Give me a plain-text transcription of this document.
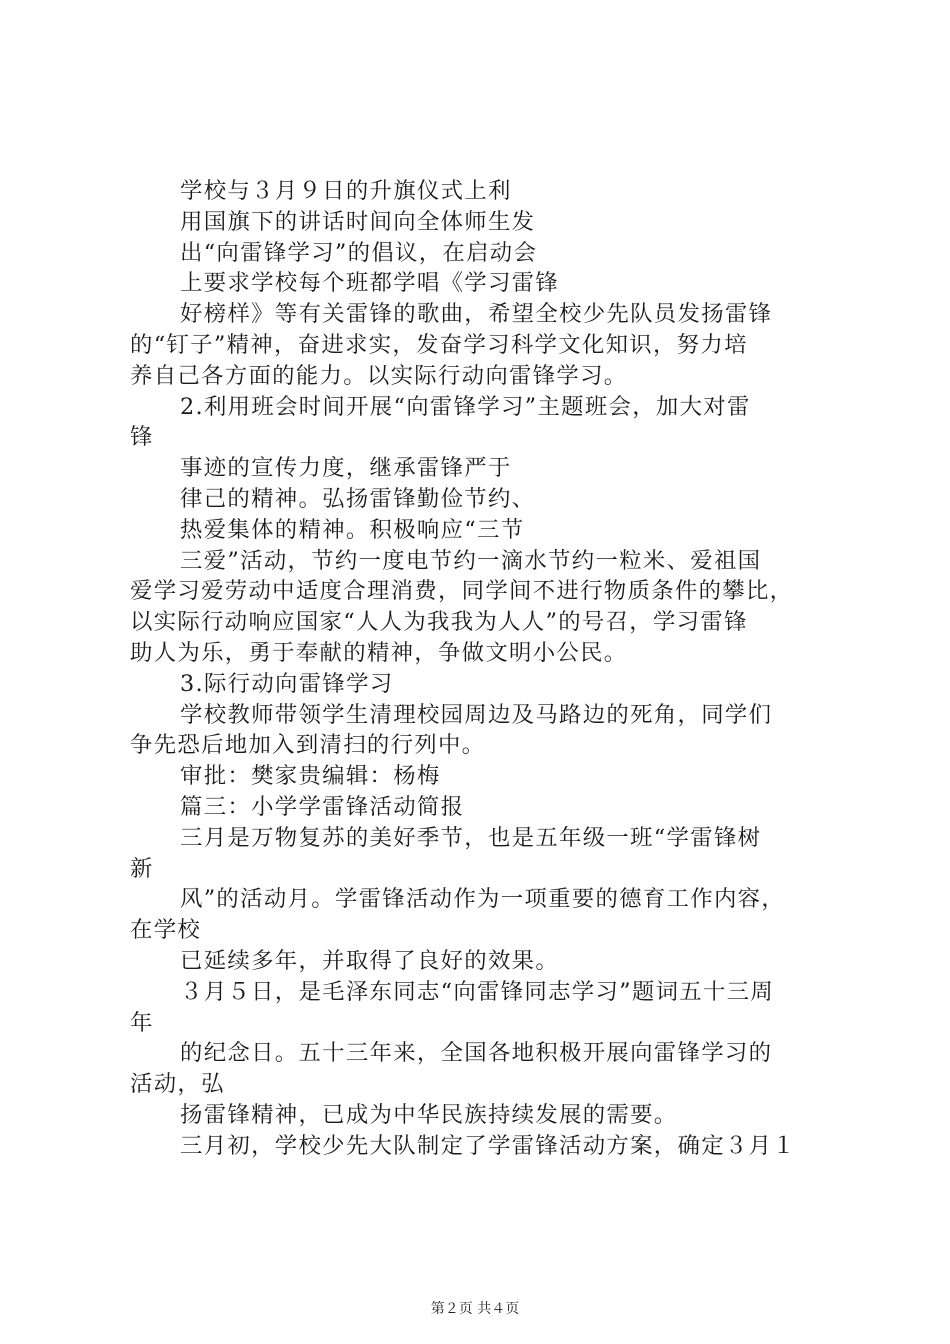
学校与３月９日的升旗仪式上利
用国旗下的讲话时间向全体师生发
出“向雷锋学习”的倡议，在启动会
上要求学校每个班都学唱《学习雷锋
好榜样》等有关雷锋的歌曲，希望全校少先队员发扬雷锋
的“钉子”精神，奋进求实，发奋学习科学文化知识，努力培
养自己各方面的能力。以实际行动向雷锋学习。
2.利用班会时间开展“向雷锋学习”主题班会，加大对雷
锋
事迹的宣传力度，继承雷锋严于
律己的精神。弘扬雷锋勤俭节约、
热爱集体的精神。积极响应“三节
三爱”活动，节约一度电节约一滴水节约一粒米、爱祖国
爱学习爱劳动中适度合理消费，同学间不进行物质条件的攀比，
以实际行动响应国家“人人为我我为人人”的号召，学习雷锋
助人为乐，勇于奉献的精神，争做文明小公民。
3.际行动向雷锋学习
学校教师带领学生清理校园周边及马路边的死角，同学们
争先恐后地加入到清扫的行列中。
审批：樊家贵编辑：杨梅
篇三：小学学雷锋活动简报
三月是万物复苏的美好季节，也是五年级一班“学雷锋树
新
风”的活动月。学雷锋活动作为一项重要的德育工作内容，
在学校
已延续多年，并取得了良好的效果。
３月５日，是毛泽东同志“向雷锋同志学习”题词五十三周
年
的纪念日。五十三年来，全国各地积极开展向雷锋学习的
活动，弘
扬雷锋精神，已成为中华民族持续发展的需要。
三月初，学校少先大队制定了学雷锋活动方案，确定３月１
第２页 共４页
